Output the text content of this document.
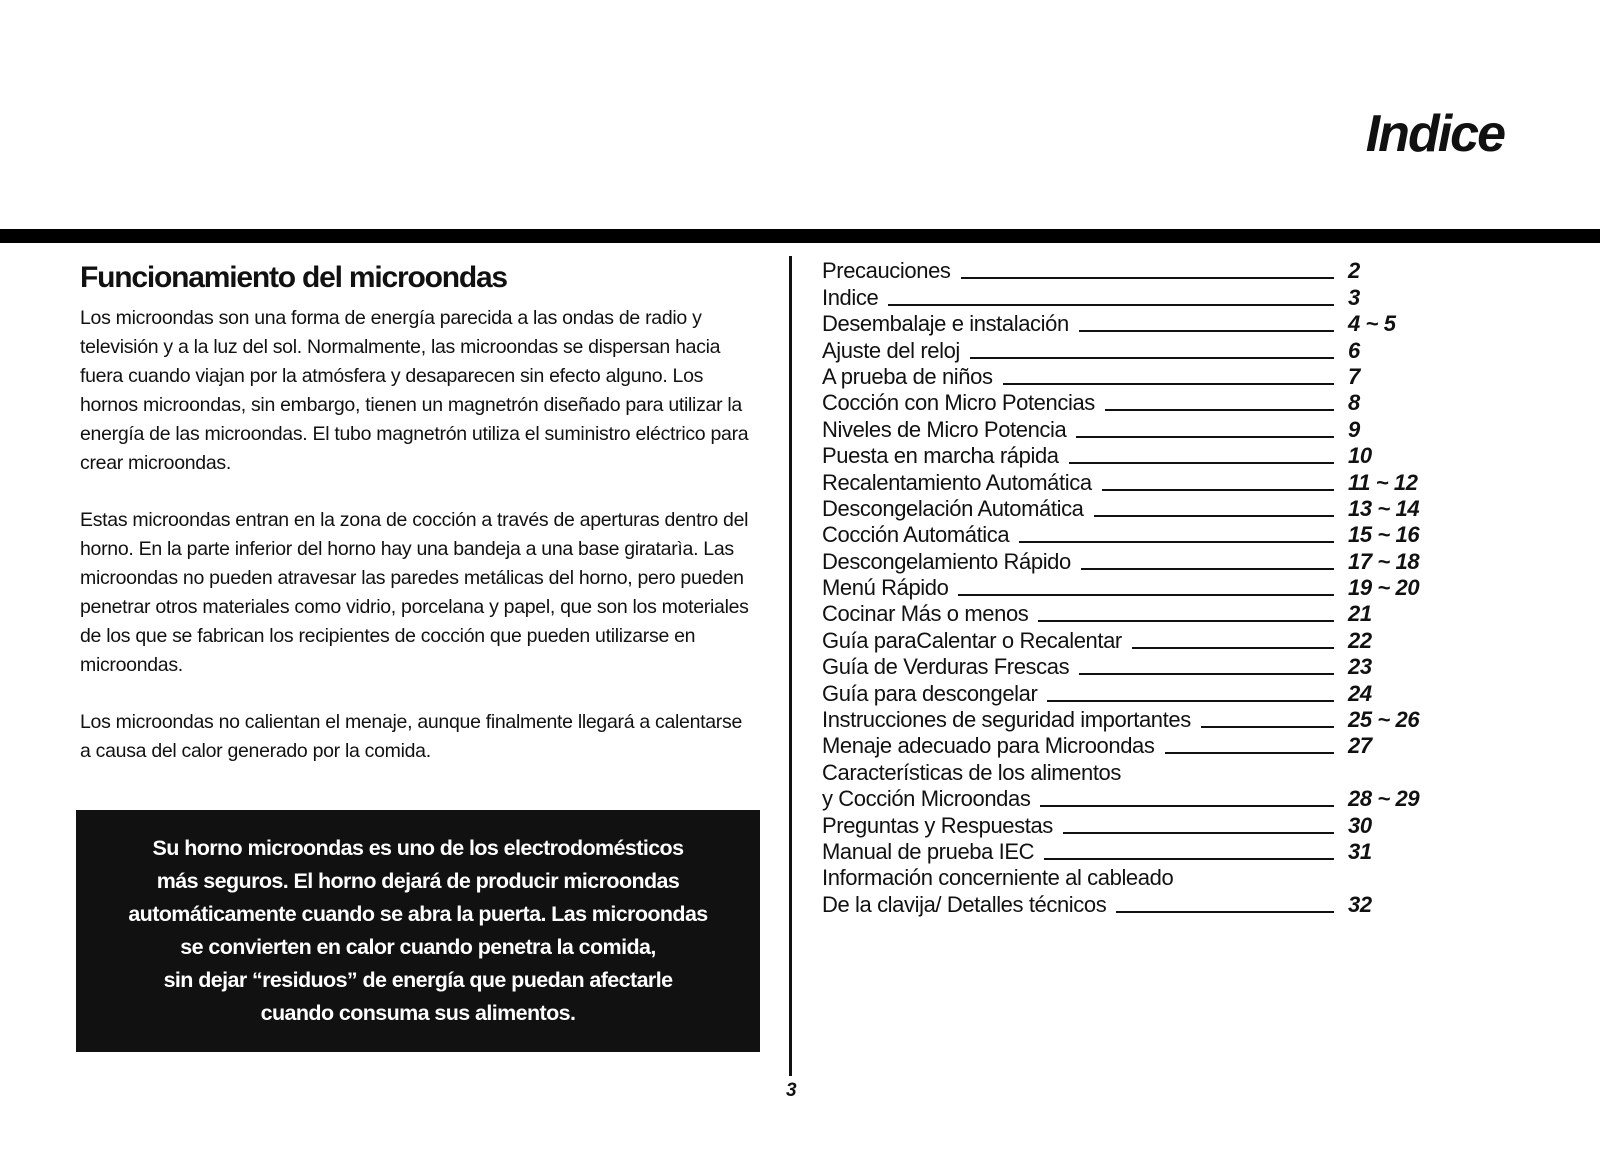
Indice
Funcionamiento del microondas

Los microondas son una forma de energía parecida a las ondas de radio y televisión y a la luz del sol. Normalmente, las microondas se dispersan hacia fuera cuando viajan por la atmósfera y desaparecen sin efecto alguno. Los hornos microondas, sin embargo, tienen un magnetrón diseñado para utilizar la energía de las microondas. El tubo magnetrón utiliza el suministro eléctrico para crear microondas.

Estas microondas entran en la zona de cocción a través de aperturas dentro del horno. En la parte inferior del horno hay una bandeja a una base giratarìa. Las microondas no pueden atravesar las paredes metálicas del horno, pero pueden penetrar otros materiales como vidrio, porcelana y papel, que son los moteriales de los que se fabrican los recipientes de cocción que pueden utilizarse en microondas.

Los microondas no calientan el menaje, aunque finalmente llegará a calentarse a causa del calor generado por la comida.

Su horno microondas es uno de los electrodomésticos
más seguros. El horno dejará de producir microondas
automáticamente cuando se abra la puerta. Las microondas
se convierten en calor cuando penetra la comida,
sin dejar “residuos” de energía que puedan afectarle
cuando consuma sus alimentos.
Precauciones	2
Indice	3
Desembalaje e instalación	4 ~ 5
Ajuste del reloj	6
A prueba de niños	7
Cocción con Micro Potencias	8
Niveles de Micro Potencia	9
Puesta en marcha rápida	10
Recalentamiento Automática	11 ~ 12
Descongelación Automática	13 ~ 14
Cocción Automática	15 ~ 16
Descongelamiento Rápido	17 ~ 18
Menú Rápido	19 ~ 20
Cocinar Más o menos	21
Guía paraCalentar o Recalentar	22
Guía de Verduras Frescas	23
Guía para descongelar	24
Instrucciones de seguridad importantes	25 ~ 26
Menaje adecuado para Microondas	27
Características de los alimentos
y Cocción Microondas	28 ~ 29
Preguntas y Respuestas	30
Manual de prueba IEC	31
Información concerniente al cableado
De la clavija/ Detalles técnicos	32
3
